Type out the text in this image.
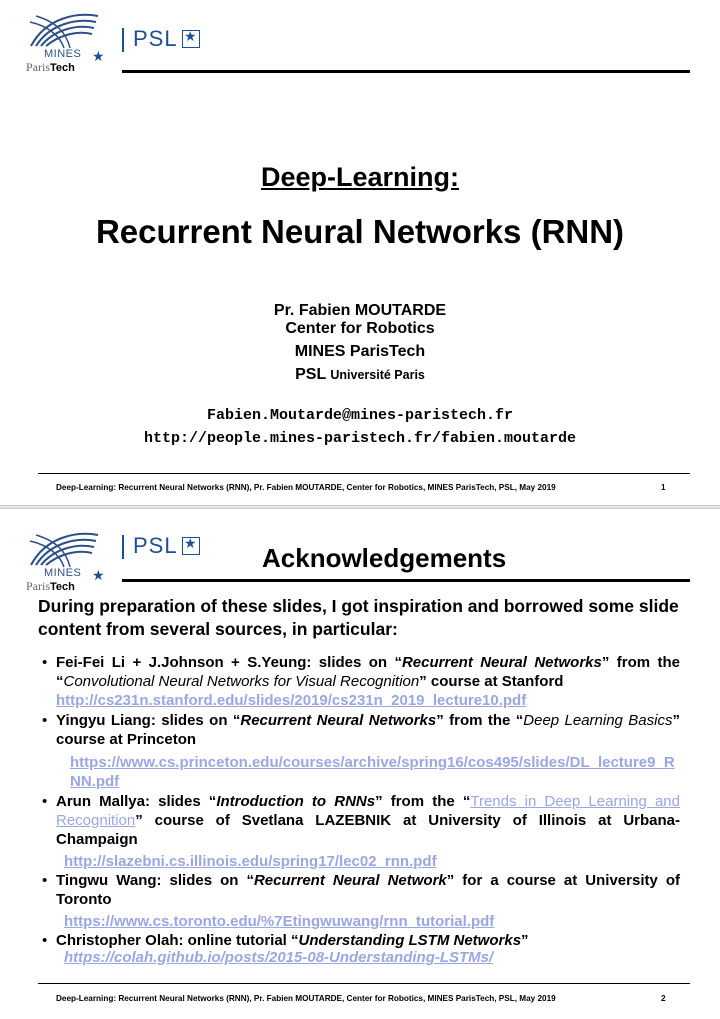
MINES
ParisTech
★
PSL ★
Deep-Learning:
Recurrent Neural Networks (RNN)
Pr. Fabien MOUTARDE
Center for Robotics
MINES ParisTech
PSL Université Paris
Fabien.Moutarde@mines-paristech.fr
http://people.mines-paristech.fr/fabien.moutarde
Deep-Learning: Recurrent Neural Networks (RNN), Pr. Fabien MOUTARDE, Center for Robotics, MINES ParisTech, PSL, May 2019	1
MINES
ParisTech
★
PSL ★	Acknowledgements
During preparation of these slides, I got inspiration and borrowed some slide content from several sources, in particular:
• Fei-Fei Li + J.Johnson + S.Yeung: slides on “Recurrent Neural Networks” from the “Convolutional Neural Networks for Visual Recognition” course at Stanford
http://cs231n.stanford.edu/slides/2019/cs231n_2019_lecture10.pdf
• Yingyu Liang: slides on “Recurrent Neural Networks” from the “Deep Learning Basics” course at Princeton
https://www.cs.princeton.edu/courses/archive/spring16/cos495/slides/DL_lecture9_RNN.pdf
• Arun Mallya: slides “Introduction to RNNs” from the “Trends in Deep Learning and Recognition” course of Svetlana LAZEBNIK at University of Illinois at Urbana-Champaign
http://slazebni.cs.illinois.edu/spring17/lec02_rnn.pdf
• Tingwu Wang: slides on “Recurrent Neural Network” for a course at University of Toronto
https://www.cs.toronto.edu/%7Etingwuwang/rnn_tutorial.pdf
• Christopher Olah: online tutorial “Understanding LSTM Networks”
https://colah.github.io/posts/2015-08-Understanding-LSTMs/
Deep-Learning: Recurrent Neural Networks (RNN), Pr. Fabien MOUTARDE, Center for Robotics, MINES ParisTech, PSL, May 2019	2
